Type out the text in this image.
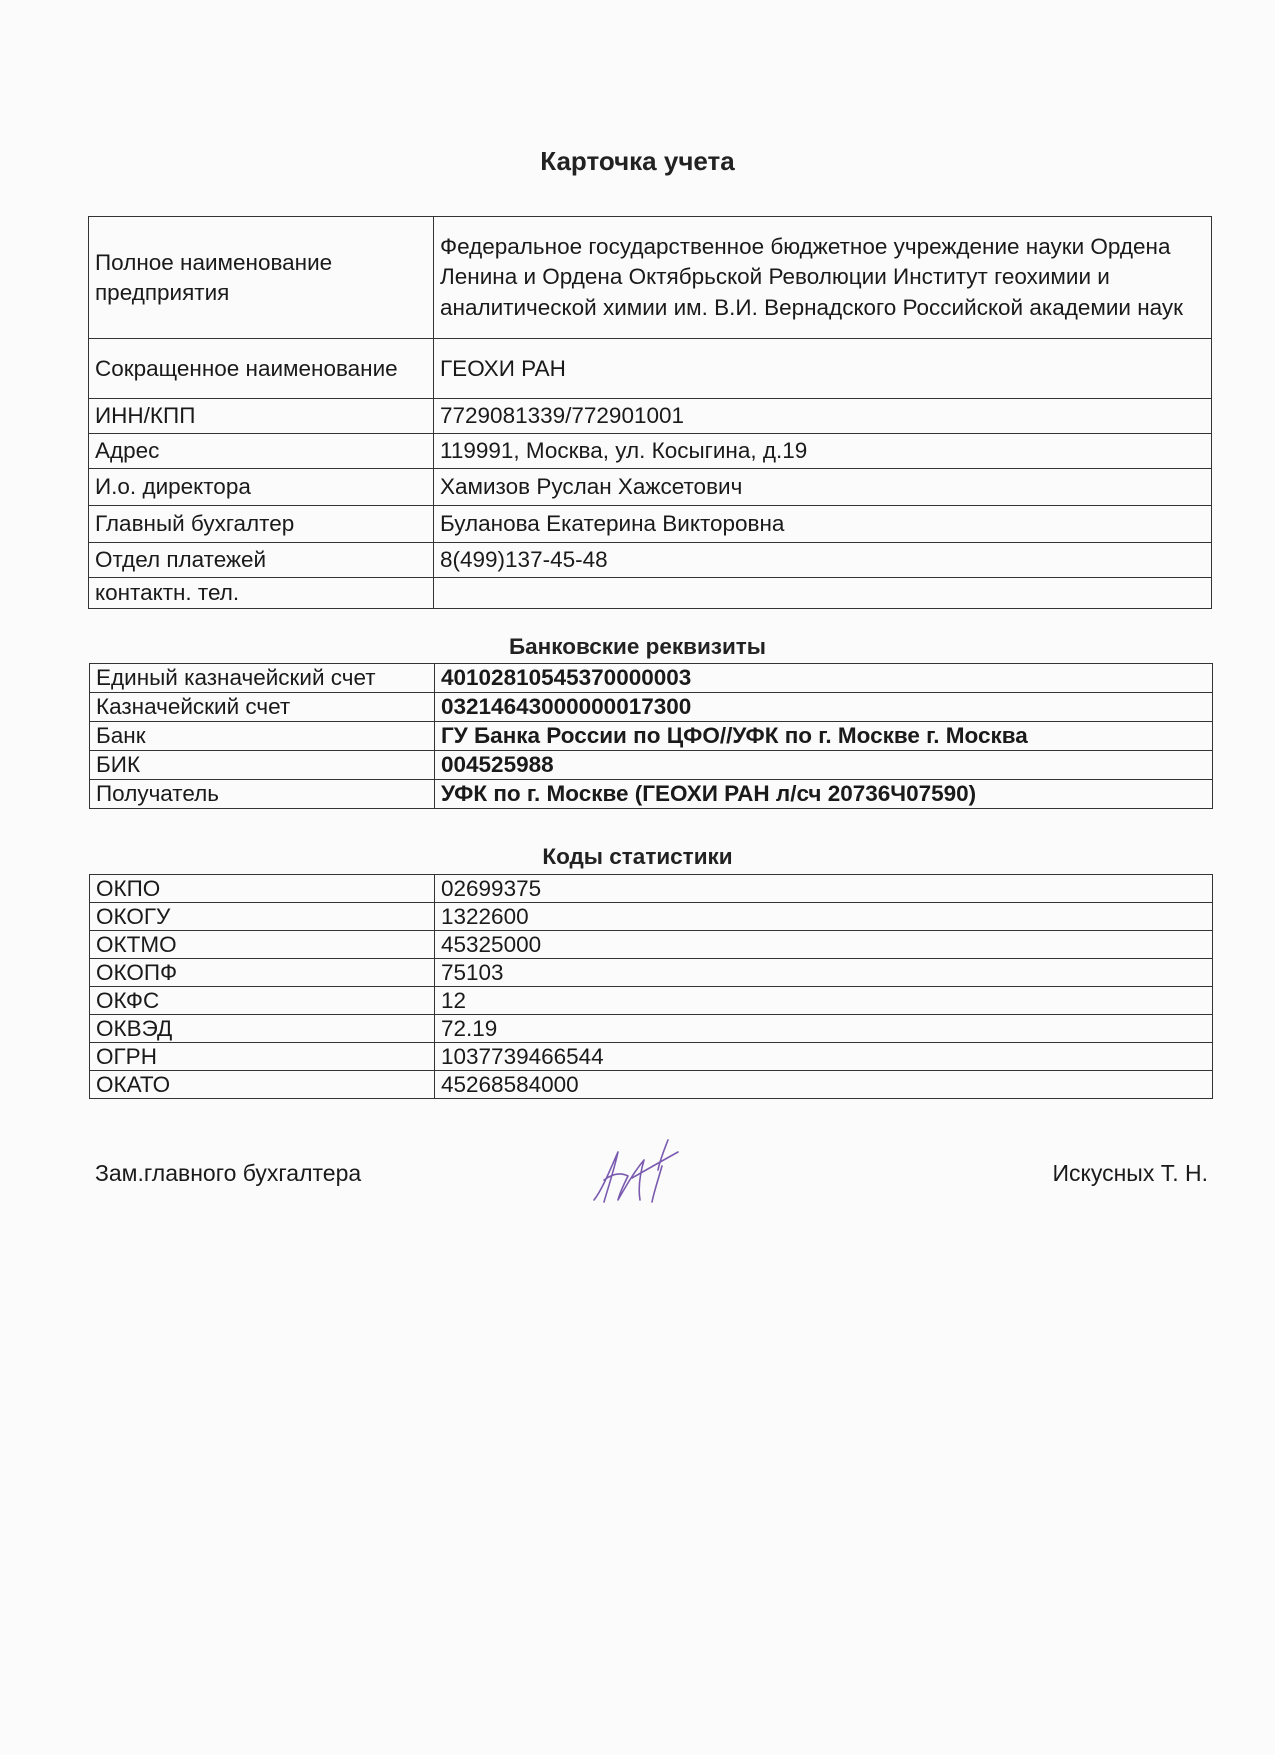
Карточка учета
Полное наименование предприятия	Федеральное государственное бюджетное учреждение науки Ордена Ленина и Ордена Октябрьской Революции Институт геохимии и аналитической химии им. В.И. Вернадского Российской академии наук
Сокращенное наименование	ГЕОХИ РАН
ИНН/КПП	7729081339/772901001
Адрес	119991, Москва, ул. Косыгина, д.19
И.о. директора	Хамизов Руслан Хажсетович
Главный бухгалтер	Буланова Екатерина Викторовна
Отдел платежей	8(499)137-45-48
контактн. тел.	
Банковские реквизиты
Единый казначейский счет	40102810545370000003
Казначейский счет	03214643000000017300
Банк	ГУ Банка России по ЦФО//УФК по г. Москве г. Москва
БИК	004525988
Получатель	УФК по г. Москве (ГЕОХИ РАН л/сч 20736Ч07590)
Коды статистики
ОКПО	02699375
ОКОГУ	1322600
ОКТМО	45325000
ОКОПФ	75103
ОКФС	12
ОКВЭД	72.19
ОГРН	1037739466544
ОКАТО	45268584000
Зам.главного бухгалтера	Искусных Т. Н.
